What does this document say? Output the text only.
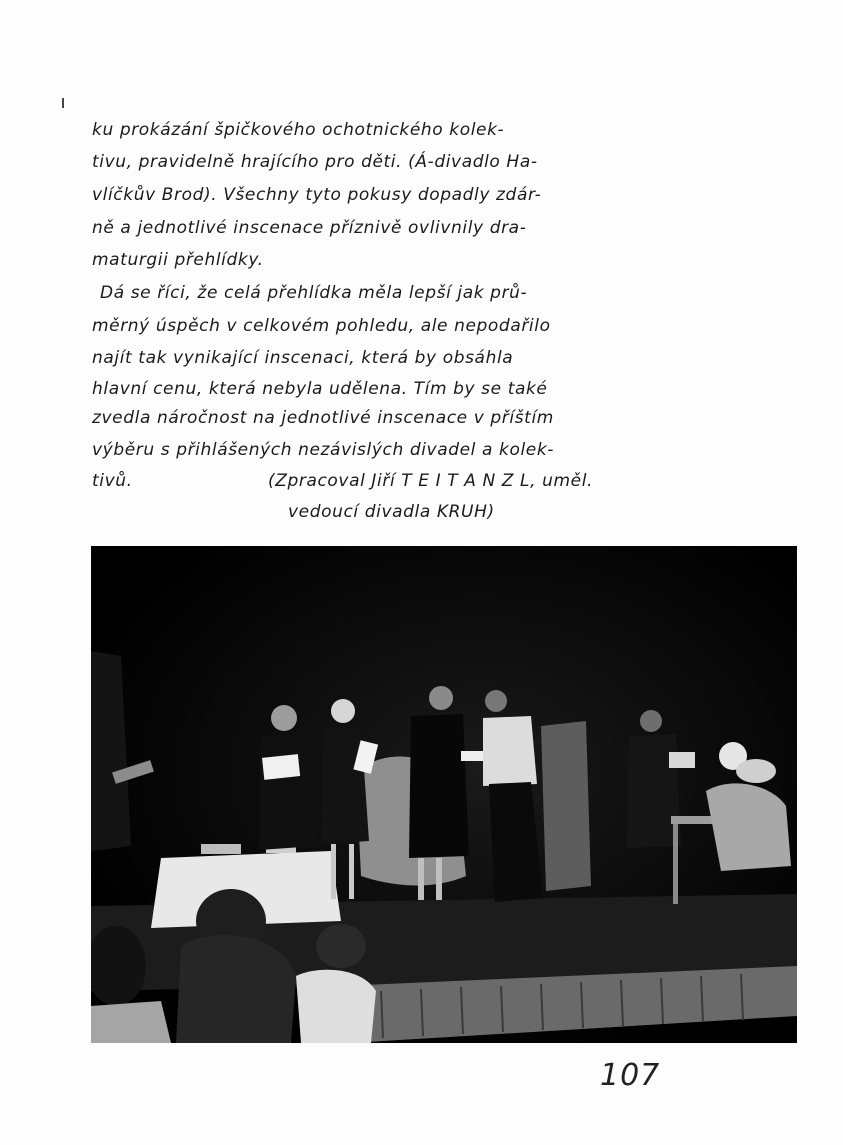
ku prokázání špičkového ochotnického kolek-
tivu, pravidelně hrajícího pro děti. (Á-divadlo Ha-
vlíčkův Brod). Všechny tyto pokusy dopadly zdár-
ně a jednotlivé inscenace příznivě ovlivnily dra-
maturgii přehlídky.
Dá se říci, že celá přehlídka měla lepší jak prů-
měrný úspěch v celkovém pohledu, ale nepodařilo
najít tak vynikající inscenaci, která by obsáhla
hlavní cenu, která nebyla udělena. Tím by se také
zvedla náročnost na jednotlivé inscenace v příštím
výběru s přihlášených nezávislých divadel a kolek-
tivů.	(Zpracoval Jiří T E I T A N Z L, uměl.
vedoucí divadla KRUH)
107
